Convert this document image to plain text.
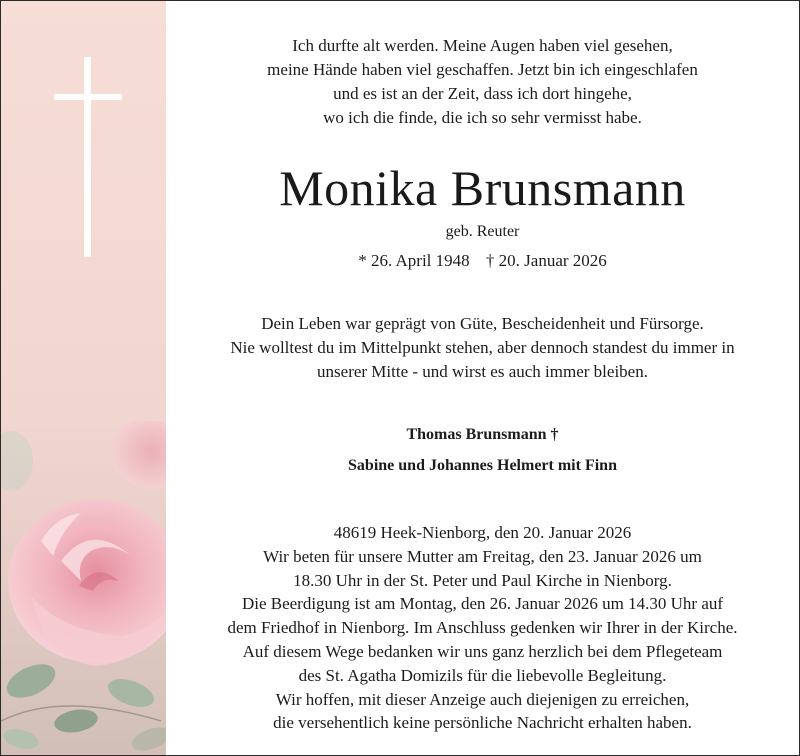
Ich durfte alt werden. Meine Augen haben viel gesehen,
meine Hände haben viel geschaffen. Jetzt bin ich eingeschlafen
und es ist an der Zeit, dass ich dort hingehe,
wo ich die finde, die ich so sehr vermisst habe.
Monika Brunsmann
geb. Reuter
* 26. April 1948 † 20. Januar 2026
Dein Leben war geprägt von Güte, Bescheidenheit und Fürsorge.
Nie wolltest du im Mittelpunkt stehen, aber dennoch standest du immer in
unserer Mitte - und wirst es auch immer bleiben.
Thomas Brunsmann †
Sabine und Johannes Helmert mit Finn
48619 Heek-Nienborg, den 20. Januar 2026
Wir beten für unsere Mutter am Freitag, den 23. Januar 2026 um
18.30 Uhr in der St. Peter und Paul Kirche in Nienborg.
Die Beerdigung ist am Montag, den 26. Januar 2026 um 14.30 Uhr auf
dem Friedhof in Nienborg. Im Anschluss gedenken wir Ihrer in der Kirche.
Auf diesem Wege bedanken wir uns ganz herzlich bei dem Pflegeteam
des St. Agatha Domizils für die liebevolle Begleitung.
Wir hoffen, mit dieser Anzeige auch diejenigen zu erreichen,
die versehentlich keine persönliche Nachricht erhalten haben.
